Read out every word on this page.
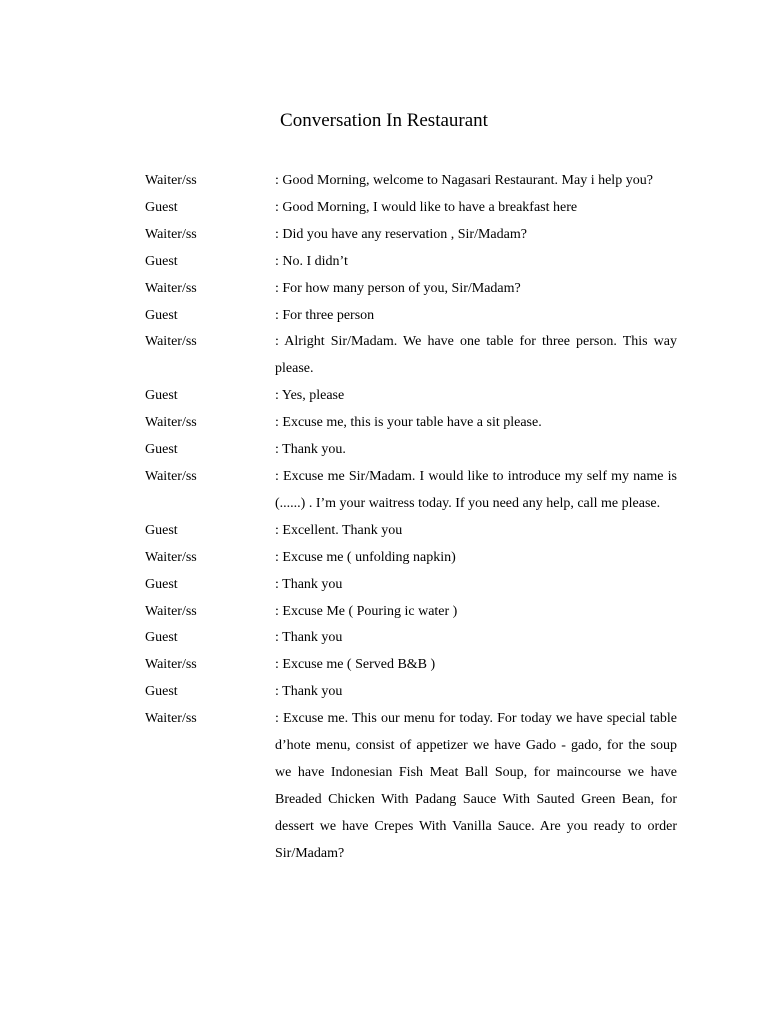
Conversation In Restaurant
Waiter/ss	: Good Morning, welcome to Nagasari Restaurant. May i help you?
Guest	: Good Morning, I would like to have a breakfast here
Waiter/ss	: Did you have any reservation , Sir/Madam?
Guest	: No. I didn’t
Waiter/ss	: For how many person of you, Sir/Madam?
Guest	: For three person
Waiter/ss	: Alright Sir/Madam. We have one table for three person. This way please.
Guest	: Yes, please
Waiter/ss	: Excuse me, this is your table have a sit please.
Guest	: Thank you.
Waiter/ss	: Excuse me Sir/Madam. I would like to introduce my self my name is (......) . I’m your waitress today. If you need any help, call me please.
Guest	: Excellent. Thank you
Waiter/ss	: Excuse me ( unfolding napkin)
Guest	: Thank you
Waiter/ss	: Excuse Me ( Pouring ic water )
Guest	: Thank you
Waiter/ss	: Excuse me ( Served B&B )
Guest	: Thank you
Waiter/ss	: Excuse me. This our menu for today. For today we have special table d’hote menu, consist of appetizer we have Gado - gado, for the soup we have Indonesian Fish Meat Ball Soup, for maincourse we have Breaded Chicken With Padang Sauce With Sauted Green Bean, for dessert we have Crepes With Vanilla Sauce. Are you ready to order Sir/Madam?
